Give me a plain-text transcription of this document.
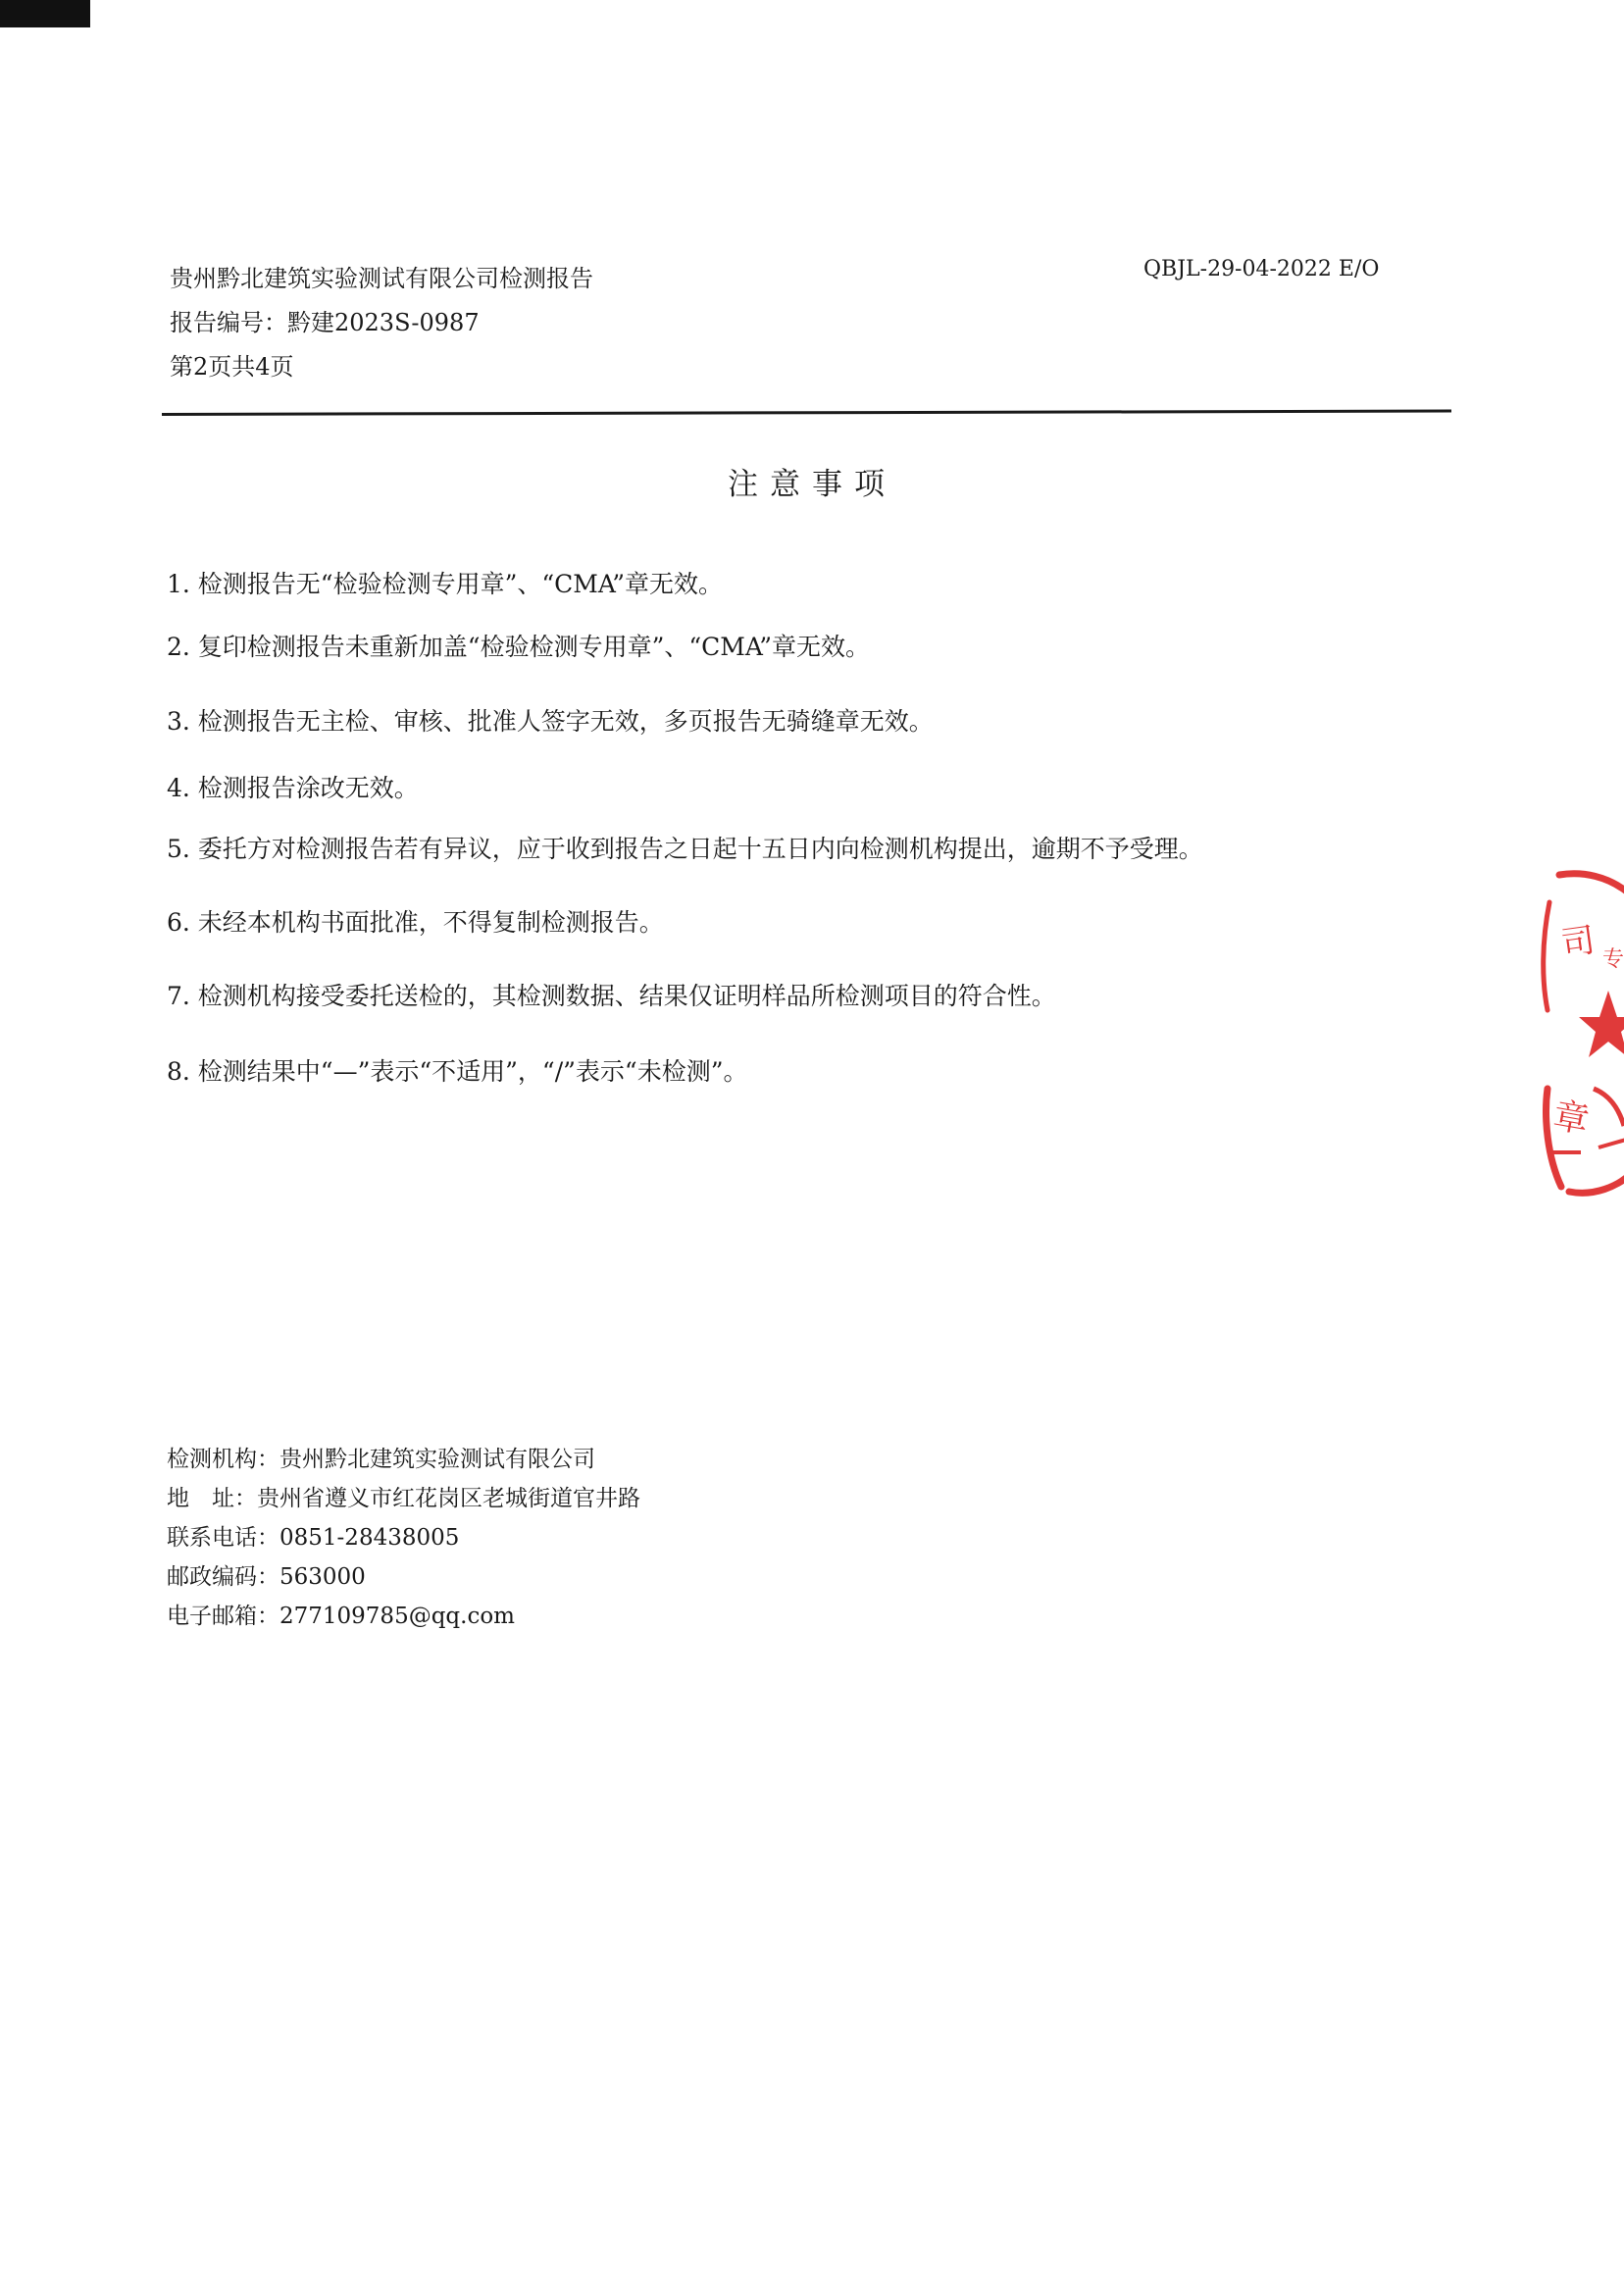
贵州黔北建筑实验测试有限公司检测报告
报告编号：黔建2023S-0987
第2页共4页
QBJL-29-04-2022 E/O
注意事项
1. 检测报告无“检验检测专用章”、“CMA”章无效。
2. 复印检测报告未重新加盖“检验检测专用章”、“CMA”章无效。
3. 检测报告无主检、审核、批准人签字无效，多页报告无骑缝章无效。
4. 检测报告涂改无效。
5. 委托方对检测报告若有异议，应于收到报告之日起十五日内向检测机构提出，逾期不予受理。
6. 未经本机构书面批准，不得复制检测报告。
7. 检测机构接受委托送检的，其检测数据、结果仅证明样品所检测项目的符合性。
8. 检测结果中“—”表示“不适用”，“/”表示“未检测”。
检测机构：贵州黔北建筑实验测试有限公司
地　址：贵州省遵义市红花岗区老城街道官井路
联系电话：0851-28438005
邮政编码：563000
电子邮箱：277109785@qq.com
司 专
章
